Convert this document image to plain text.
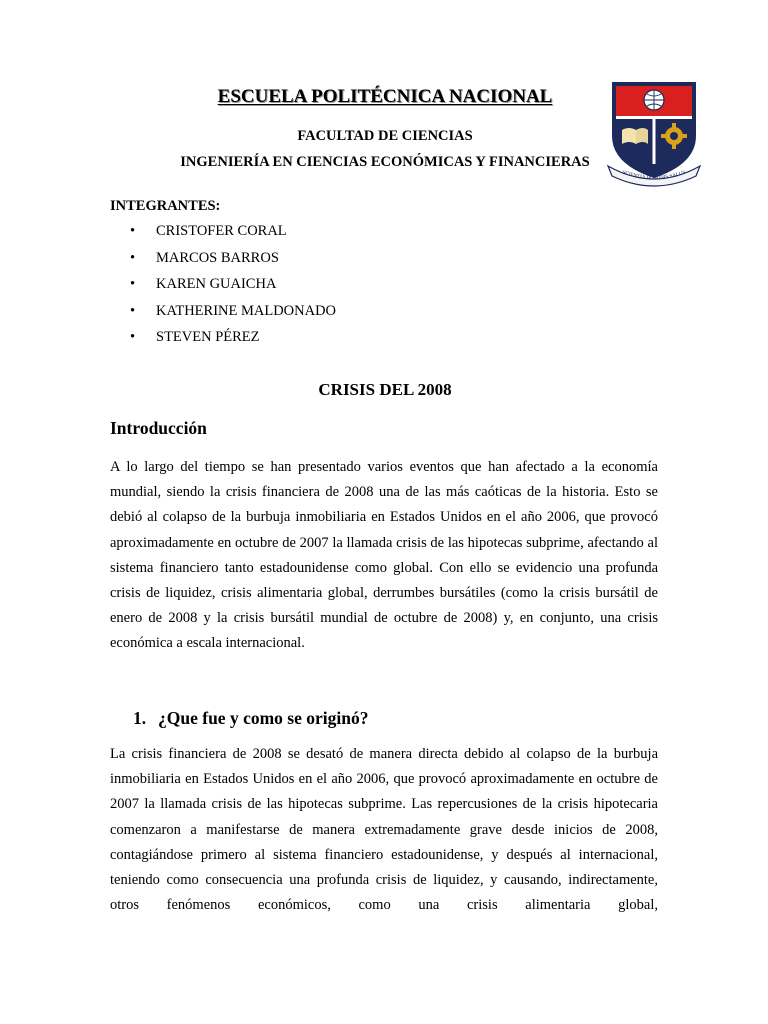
ESCUELA POLITÉCNICA NACIONAL
FACULTAD DE CIENCIAS
INGENIERÍA EN CIENCIAS ECONÓMICAS Y FINANCIERAS
SCIENTIA HOMINIS SALUS
INTEGRANTES:
• CRISTOFER CORAL
• MARCOS BARROS
• KAREN GUAICHA
• KATHERINE MALDONADO
• STEVEN PÉREZ
CRISIS DEL 2008
Introducción

A lo largo del tiempo se han presentado varios eventos que han afectado a la economía mundial, siendo la crisis financiera de 2008 una de las más caóticas de la historia. Esto se debió al colapso de la burbuja inmobiliaria en Estados Unidos en el año 2006, que provocó aproximadamente en octubre de 2007 la llamada crisis de las hipotecas subprime, afectando al sistema financiero tanto estadounidense como global. Con ello se evidencio una profunda crisis de liquidez, crisis alimentaria global, derrumbes bursátiles (como la crisis bursátil de enero de 2008 y la crisis bursátil mundial de octubre de 2008) y, en conjunto, una crisis económica a escala internacional.

1. ¿Que fue y como se originó?

La crisis financiera de 2008 se desató de manera directa debido al colapso de la burbuja inmobiliaria en Estados Unidos en el año 2006, que provocó aproximadamente en octubre de 2007 la llamada crisis de las hipotecas subprime. Las repercusiones de la crisis hipotecaria comenzaron a manifestarse de manera extremadamente grave desde inicios de 2008, contagiándose primero al sistema financiero estadounidense, y después al internacional, teniendo como consecuencia una profunda crisis de liquidez, y causando, indirectamente, otros fenómenos económicos, como una crisis alimentaria global,
